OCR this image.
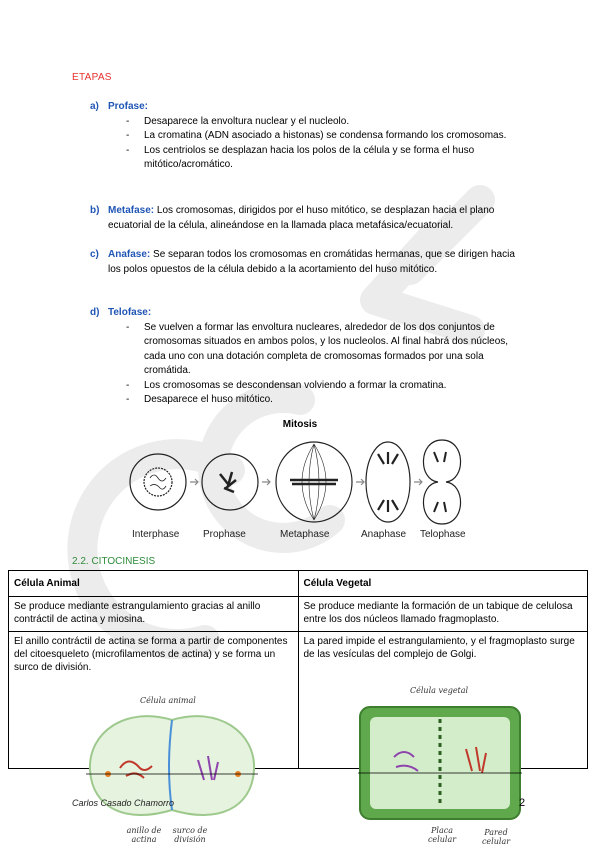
ETAPAS
a) Profase:
- Desaparece la envoltura nuclear y el nucleolo.
- La cromatina (ADN asociado a histonas) se condensa formando los cromosomas.
- Los centriolos se desplazan hacia los polos de la célula y se forma el huso mitótico/acromático.
b) Metafase: Los cromosomas, dirigidos por el huso mitótico, se desplazan hacia el plano ecuatorial de la célula, alineándose en la llamada placa metafásica/ecuatorial.
c) Anafase: Se separan todos los cromosomas en cromátidas hermanas, que se dirigen hacia los polos opuestos de la célula debido a la acortamiento del huso mitótico.
d) Telofase:
- Se vuelven a formar las envoltura nucleares, alrededor de los dos conjuntos de cromosomas situados en ambos polos, y los nucleolos. Al final habrá dos núcleos, cada uno con una dotación completa de cromosomas formados por una sola cromátida.
- Los cromosomas se descondensan volviendo a formar la cromatina.
- Desaparece el huso mitótico.
Mitosis
Interphase Prophase	Metaphase	Anaphase Telophase
2.2. CITOCINESIS
Célula Animal	Célula Vegetal
Se produce mediante estrangulamiento gracias al anillo contráctil de actina y miosina.	Se produce mediante la formación de un tabique de celulosa entre los dos núcleos llamado fragmoplasto.

El anillo contráctil de actina se forma a partir de componentes del citoesqueleto (microfilamentos de actina) y se forma un surco de división.	La pared impide el estrangulamiento, y el fragmoplasto surge de las vesículas del complejo de Golgi.
Célula animal
anillo de actina
surco de división
Célula vegetal
Placa celular
Pared celular
Carlos Casado Chamorro	2
